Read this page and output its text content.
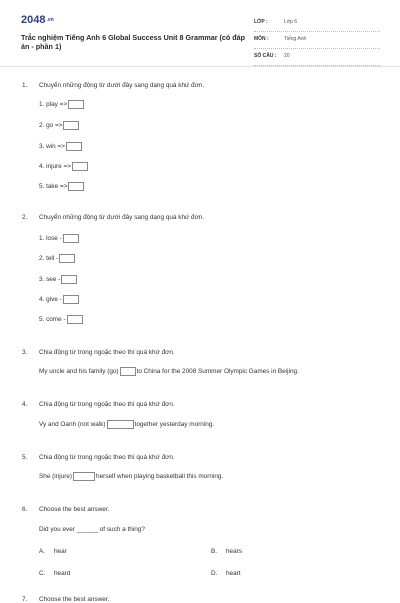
2048.vn
Trắc nghiệm Tiếng Anh 6 Global Success Unit 8 Grammar (có đáp án - phần 1)
LỚP :	Lớp 6
MÔN :	Tiếng Anh
SỐ CÂU : 20
1. Chuyển những động từ dưới đây sang dạng quá khứ đơn.
1. play =>
2. go =>
3. win =>
4. injure =>
5. take =>
2. Chuyển những động từ dưới đây sang dạng quá khứ đơn.
1. lose -
2. tell -
3. see -
4. give -
5. come -
3. Chia động từ trong ngoặc theo thì quá khứ đơn.
My uncle and his family (go)	to China for the 2008 Summer Olympic Games in Beijing.
4. Chia động từ trong ngoặc theo thì quá khứ đơn.
Vy and Oanh (not walk)	together yesterday morning.
5. Chia động từ trong ngoặc theo thì quá khứ đơn.
She (injure)	herself when playing basketball this morning.
6. Choose the best answer.
Did you ever ______ of such a thing?
A. hear	B. hears
C. heard	D. heart
7. Choose the best answer.
